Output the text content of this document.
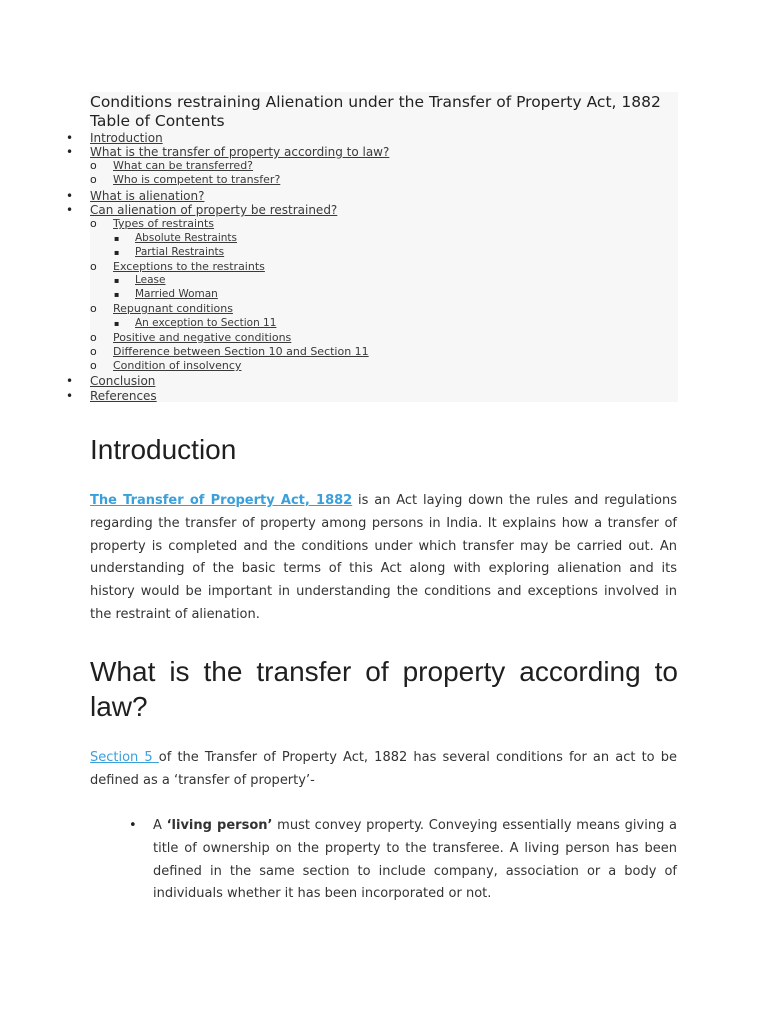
Conditions restraining Alienation under the Transfer of Property Act, 1882
Table of Contents
• Introduction
• What is the transfer of property according to law?
o What can be transferred?
o Who is competent to transfer?
• What is alienation?
• Can alienation of property be restrained?
o Types of restraints
▪ Absolute Restraints
▪ Partial Restraints
o Exceptions to the restraints
▪ Lease
▪ Married Woman
o Repugnant conditions
▪ An exception to Section 11
o Positive and negative conditions
o Difference between Section 10 and Section 11
o Condition of insolvency
• Conclusion
• References
Introduction

The Transfer of Property Act, 1882 is an Act laying down the rules and regulations regarding the transfer of property among persons in India. It explains how a transfer of property is completed and the conditions under which transfer may be carried out. An understanding of the basic terms of this Act along with exploring alienation and its history would be important in understanding the conditions and exceptions involved in the restraint of alienation.

What is the transfer of property according to law?

Section 5 of the Transfer of Property Act, 1882 has several conditions for an act to be defined as a ‘transfer of property’-

• A ‘living person’ must convey property. Conveying essentially means giving a title of ownership on the property to the transferee. A living person has been defined in the same section to include company, association or a body of individuals whether it has been incorporated or not.
